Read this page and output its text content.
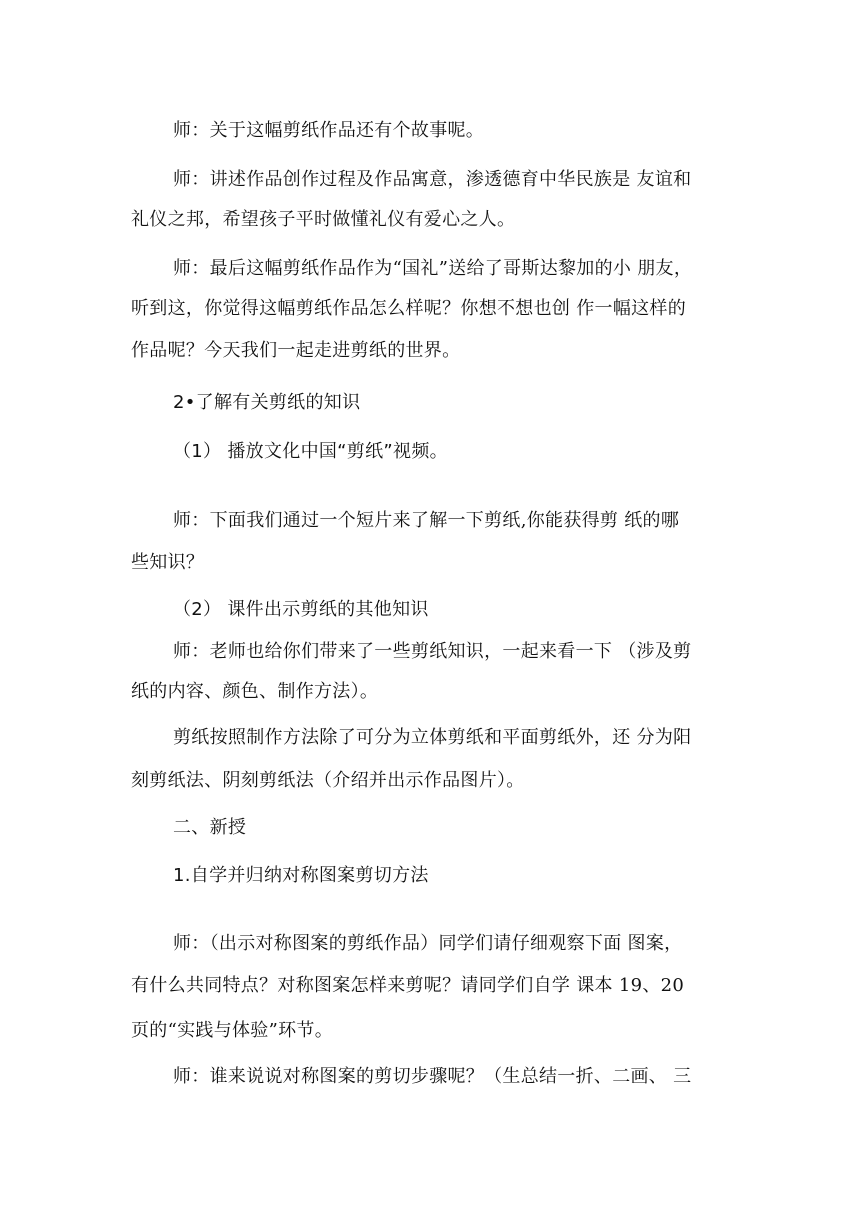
师：关于这幅剪纸作品还有个故事呢。
师：讲述作品创作过程及作品寓意，渗透德育中华民族是 友谊和
礼仪之邦，希望孩子平时做懂礼仪有爱心之人。
师：最后这幅剪纸作品作为“国礼”送给了哥斯达黎加的小 朋友，
听到这，你觉得这幅剪纸作品怎么样呢？你想不想也创 作一幅这样的
作品呢？今天我们一起走进剪纸的世界。
2•了解有关剪纸的知识
（1） 播放文化中国“剪纸”视频。
师：下面我们通过一个短片来了解一下剪纸,你能获得剪 纸的哪
些知识？
（2） 课件出示剪纸的其他知识
师：老师也给你们带来了一些剪纸知识，一起来看一下 （涉及剪
纸的内容、颜色、制作方法）。
剪纸按照制作方法除了可分为立体剪纸和平面剪纸外，还 分为阳
刻剪纸法、阴刻剪纸法（介绍并出示作品图片）。
二、新授
1.自学并归纳对称图案剪切方法
师：（出示对称图案的剪纸作品）同学们请仔细观察下面 图案，
有什么共同特点？对称图案怎样来剪呢？请同学们自学 课本 19、20
页的“实践与体验”环节。
师：谁来说说对称图案的剪切步骤呢？（生总结一折、二画、 三
